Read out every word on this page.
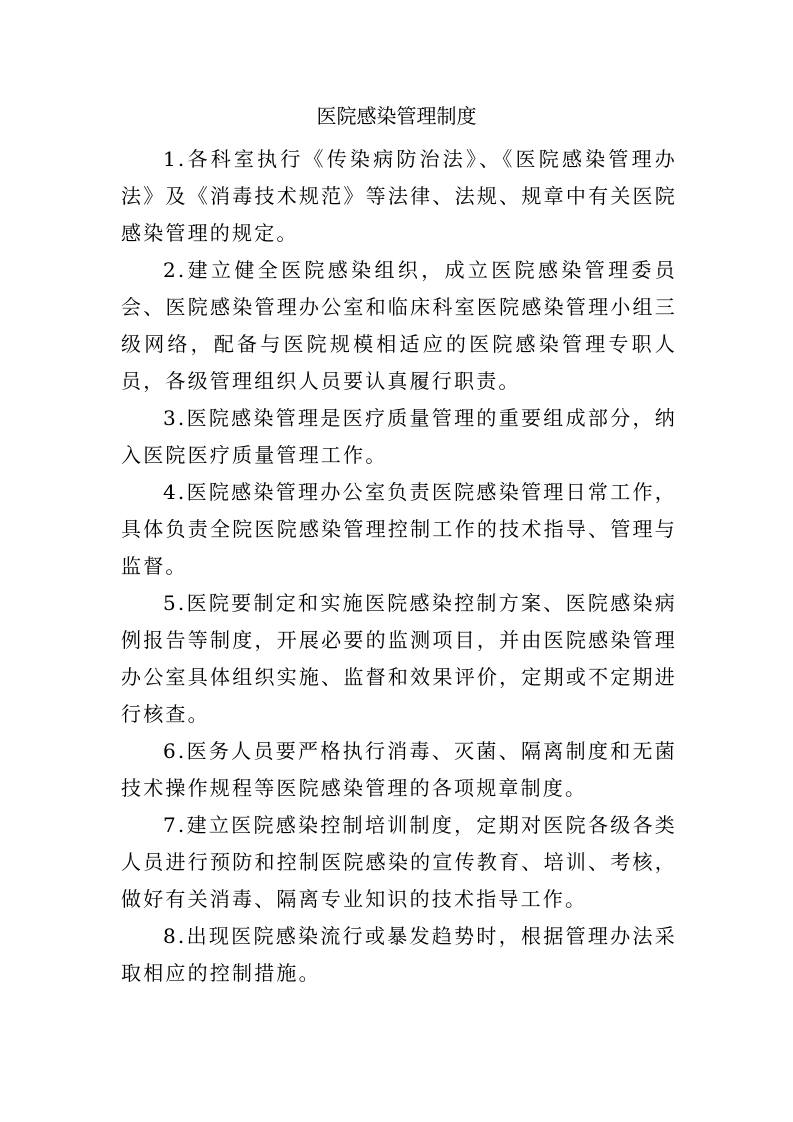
医院感染管理制度

1.各科室执行《传染病防治法》、《医院感染管理办法》及《消毒技术规范》等法律、法规、规章中有关医院感染管理的规定。

2.建立健全医院感染组织，成立医院感染管理委员会、医院感染管理办公室和临床科室医院感染管理小组三级网络，配备与医院规模相适应的医院感染管理专职人员，各级管理组织人员要认真履行职责。

3.医院感染管理是医疗质量管理的重要组成部分，纳入医院医疗质量管理工作。

4.医院感染管理办公室负责医院感染管理日常工作，具体负责全院医院感染管理控制工作的技术指导、管理与监督。

5.医院要制定和实施医院感染控制方案、医院感染病例报告等制度，开展必要的监测项目，并由医院感染管理办公室具体组织实施、监督和效果评价，定期或不定期进行核查。

6.医务人员要严格执行消毒、灭菌、隔离制度和无菌技术操作规程等医院感染管理的各项规章制度。

7.建立医院感染控制培训制度，定期对医院各级各类人员进行预防和控制医院感染的宣传教育、培训、考核，做好有关消毒、隔离专业知识的技术指导工作。

8.出现医院感染流行或暴发趋势时，根据管理办法采取相应的控制措施。
